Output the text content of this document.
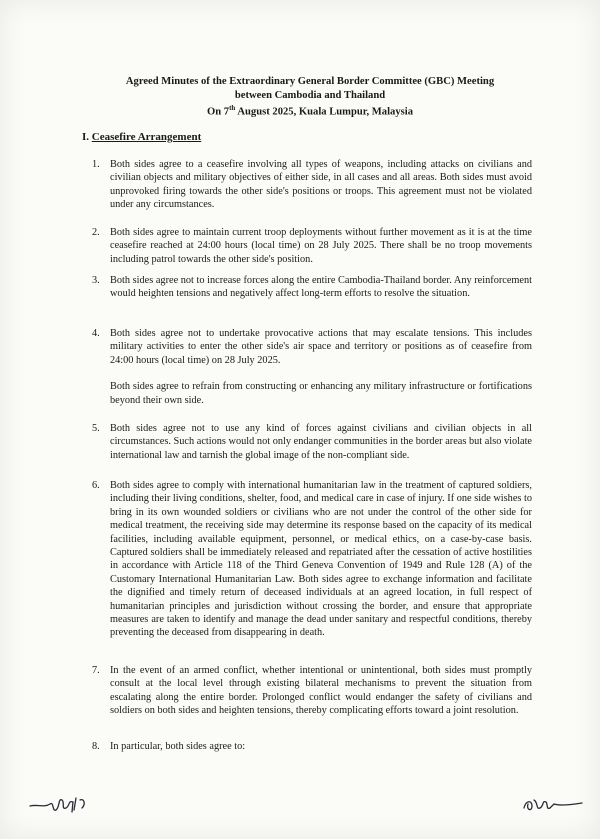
Agreed Minutes of the Extraordinary General Border Committee (GBC) Meeting
between Cambodia and Thailand
On 7th August 2025, Kuala Lumpur, Malaysia
I. Ceasefire Arrangement
1. Both sides agree to a ceasefire involving all types of weapons, including attacks on civilians and civilian objects and military objectives of either side, in all cases and all areas. Both sides must avoid unprovoked firing towards the other side's positions or troops. This agreement must not be violated under any circumstances.
2. Both sides agree to maintain current troop deployments without further movement as it is at the time ceasefire reached at 24:00 hours (local time) on 28 July 2025. There shall be no troop movements including patrol towards the other side's position.
3. Both sides agree not to increase forces along the entire Cambodia-Thailand border. Any reinforcement would heighten tensions and negatively affect long-term efforts to resolve the situation.
4. Both sides agree not to undertake provocative actions that may escalate tensions. This includes military activities to enter the other side's air space and territory or positions as of ceasefire from 24:00 hours (local time) on 28 July 2025.
Both sides agree to refrain from constructing or enhancing any military infrastructure or fortifications beyond their own side.
5. Both sides agree not to use any kind of forces against civilians and civilian objects in all circumstances. Such actions would not only endanger communities in the border areas but also violate international law and tarnish the global image of the non-compliant side.
6. Both sides agree to comply with international humanitarian law in the treatment of captured soldiers, including their living conditions, shelter, food, and medical care in case of injury. If one side wishes to bring in its own wounded soldiers or civilians who are not under the control of the other side for medical treatment, the receiving side may determine its response based on the capacity of its medical facilities, including available equipment, personnel, or medical ethics, on a case-by-case basis. Captured soldiers shall be immediately released and repatriated after the cessation of active hostilities in accordance with Article 118 of the Third Geneva Convention of 1949 and Rule 128 (A) of the Customary International Humanitarian Law. Both sides agree to exchange information and facilitate the dignified and timely return of deceased individuals at an agreed location, in full respect of humanitarian principles and jurisdiction without crossing the border, and ensure that appropriate measures are taken to identify and manage the dead under sanitary and respectful conditions, thereby preventing the deceased from disappearing in death.
7. In the event of an armed conflict, whether intentional or unintentional, both sides must promptly consult at the local level through existing bilateral mechanisms to prevent the situation from escalating along the entire border. Prolonged conflict would endanger the safety of civilians and soldiers on both sides and heighten tensions, thereby complicating efforts toward a joint resolution.
8. In particular, both sides agree to:
